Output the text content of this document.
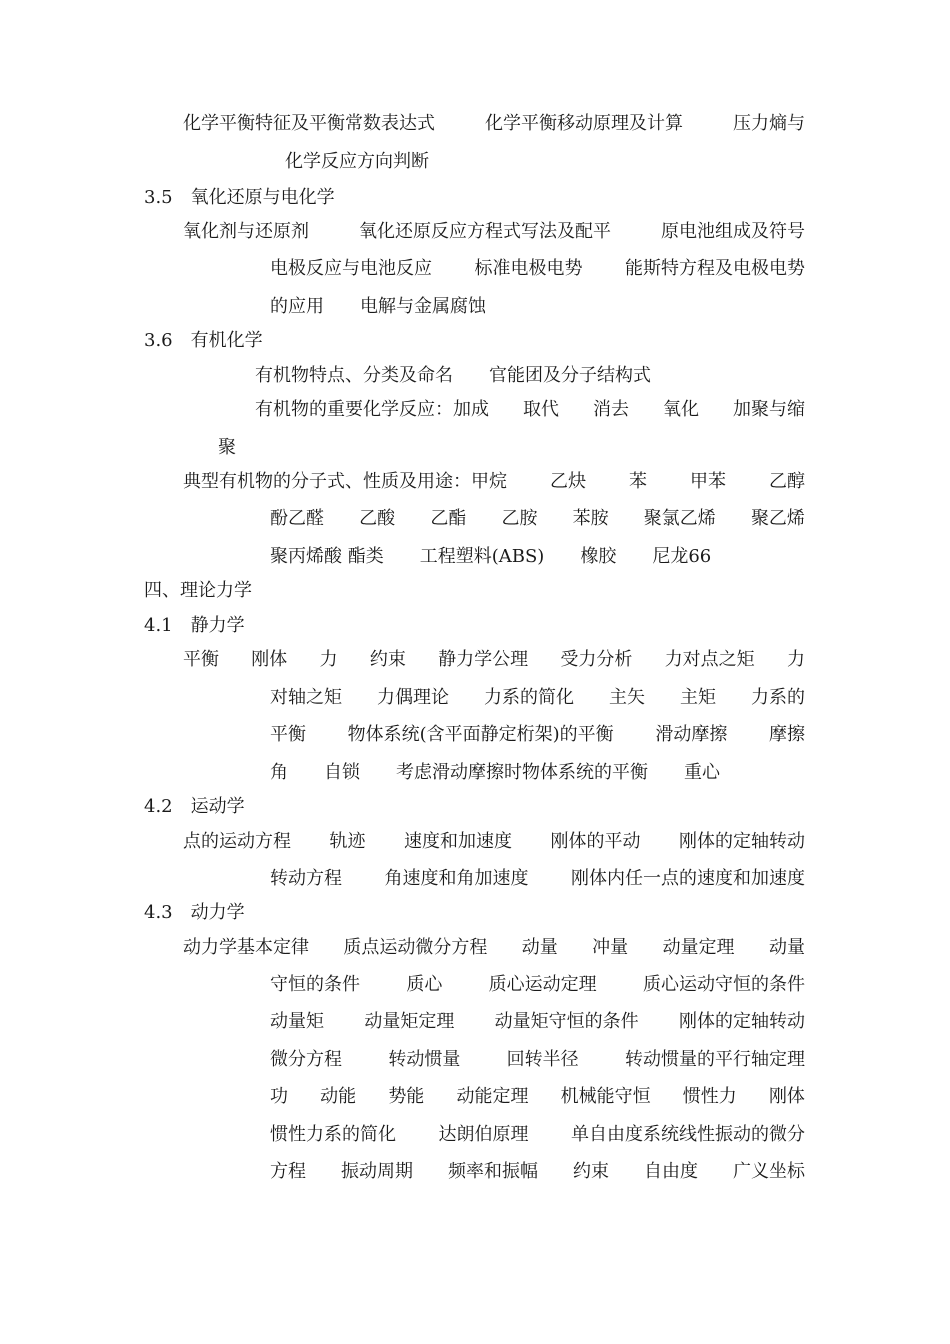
化学平衡特征及平衡常数表达式	化学平衡移动原理及计算	压力熵与
化学反应方向判断
3.5　氧化还原与电化学
氧化剂与还原剂	氧化还原反应方程式写法及配平	原电池组成及符号
电极反应与电池反应 标准电极电势 能斯特方程及电极电势
的应用　　电解与金属腐蚀
3.6　有机化学
有机物特点、分类及命名　　官能团及分子结构式
有机物的重要化学反应：加成 取代 消去 氧化 加聚与缩
聚
典型有机物的分子式、性质及用途：甲烷 乙炔 苯 甲苯 乙醇
酚乙醛 乙酸 乙酯 乙胺 苯胺 聚氯乙烯 聚乙烯
聚丙烯酸 酯类　　工程塑料(ABS)　　橡胶　　尼龙66
四、理论力学
4.1　静力学
平衡 刚体 力 约束 静力学公理 受力分析 力对点之矩 力
对轴之矩 力偶理论 力系的简化 主矢 主矩 力系的
平衡 物体系统(含平面静定桁架)的平衡 滑动摩擦 摩擦
角　　自锁　　考虑滑动摩擦时物体系统的平衡　　重心
4.2　运动学
点的运动方程 轨迹 速度和加速度 刚体的平动 刚体的定轴转动
转动方程 角速度和角加速度 刚体内任一点的速度和加速度
4.3　动力学
动力学基本定律 质点运动微分方程 动量 冲量 动量定理 动量
守恒的条件	质心	质心运动定理	质心运动守恒的条件
动量矩 动量矩定理 动量矩守恒的条件 刚体的定轴转动
微分方程	转动惯量	回转半径	转动惯量的平行轴定理
功 动能 势能 动能定理 机械能守恒 惯性力 刚体
惯性力系的简化 达朗伯原理 单自由度系统线性振动的微分
方程 振动周期 频率和振幅 约束 自由度 广义坐标
